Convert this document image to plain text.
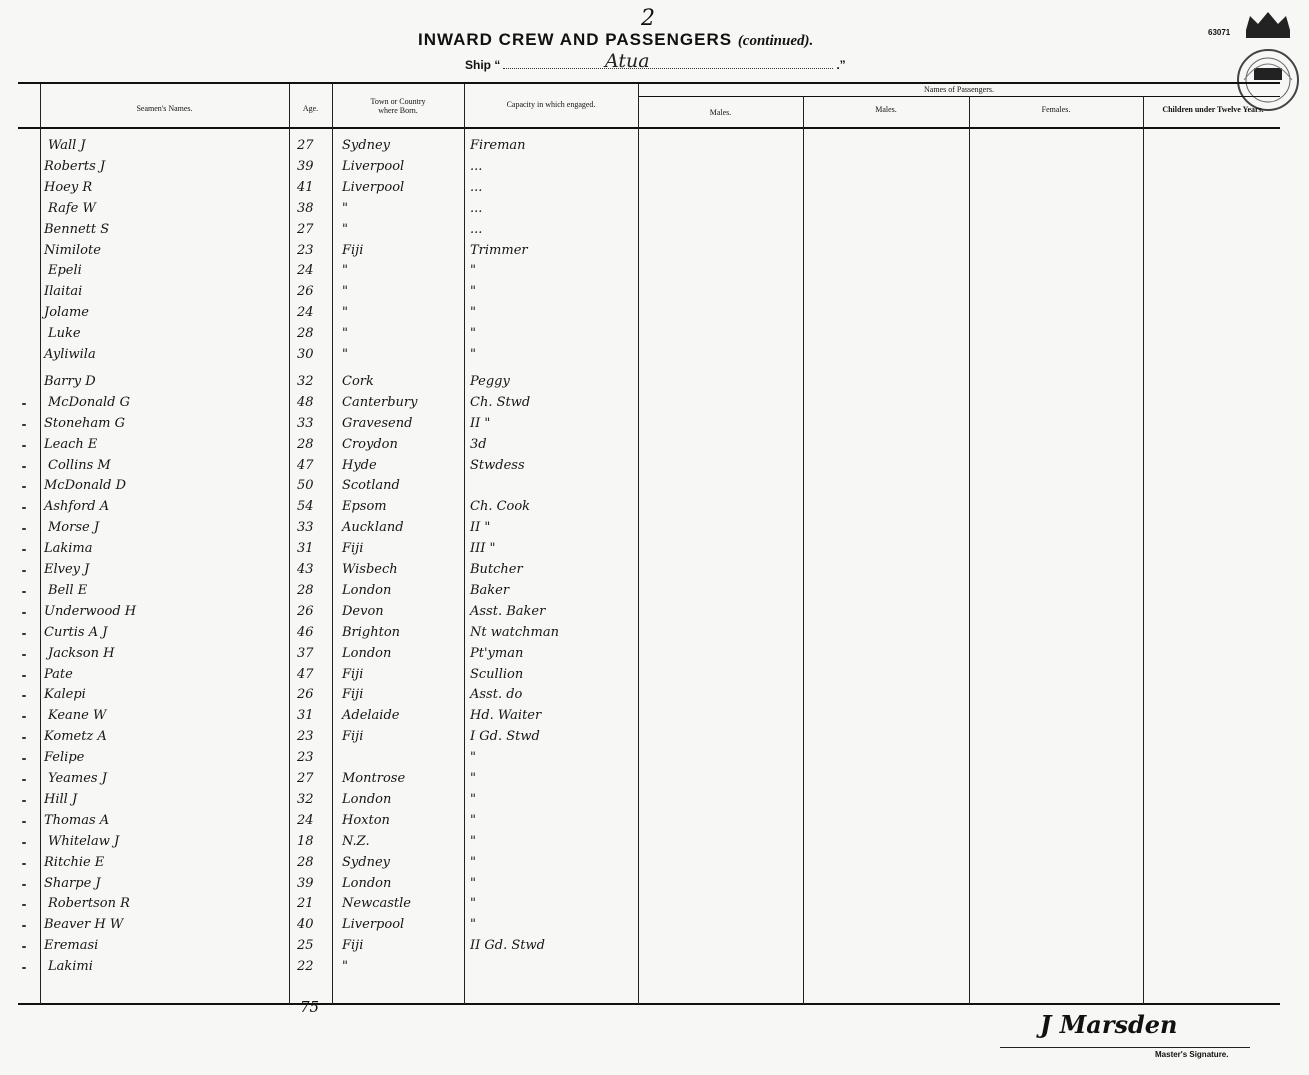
INWARD CREW AND PASSENGERS (continued).
2
Ship “	.”
Atua
63071
Seamen's Names.	Age.
Town or Country
where Born.
Capacity in which engaged.
Names of Passengers.
Males.	Males.	Females.	Children under Twelve Years.
Wall J	27 Sydney	Fireman
Roberts J	39 Liverpool	...
Hoey R	41 Liverpool	...
Rafe W	38 "	...
Bennett S	27 "	...
Nimilote	23 Fiji	Trimmer
Epeli	24 "	"
Ilaitai	26 "	"
Jolame	24 "	"
Luke	28 "	"
Ayliwila	30 "	"
Barry D	32 Cork	Peggy
McDonald G	48 Canterbury	Ch. Stwd
Stoneham G	33 Gravesend	II "
Leach E	28 Croydon	3d
Collins M	47 Hyde	Stwdess
McDonald D	50 Scotland
Ashford A	54 Epsom	Ch. Cook
Morse J	33 Auckland	II "
Lakima	31 Fiji	III "
Elvey J	43 Wisbech	Butcher
Bell E	28 London	Baker
Underwood H	26 Devon	Asst. Baker
Curtis A J	46 Brighton	Nt watchman
Jackson H	37 London	Pt'yman
Pate	47 Fiji	Scullion
Kalepi	26 Fiji	Asst. do
Keane W	31 Adelaide	Hd. Waiter
Kometz A	23 Fiji	I Gd. Stwd
Felipe	23	"
Yeames J	27 Montrose	"
Hill J	32 London	"
Thomas A	24 Hoxton	"
Whitelaw J	18 N.Z.	"
Ritchie E	28 Sydney	"
Sharpe J	39 London	"
Robertson R	21 Newcastle	"
Beaver H W	40 Liverpool	"
Eremasi	25 Fiji	II Gd. Stwd
Lakimi	22 "
75
J Marsden
Master's Signature.
